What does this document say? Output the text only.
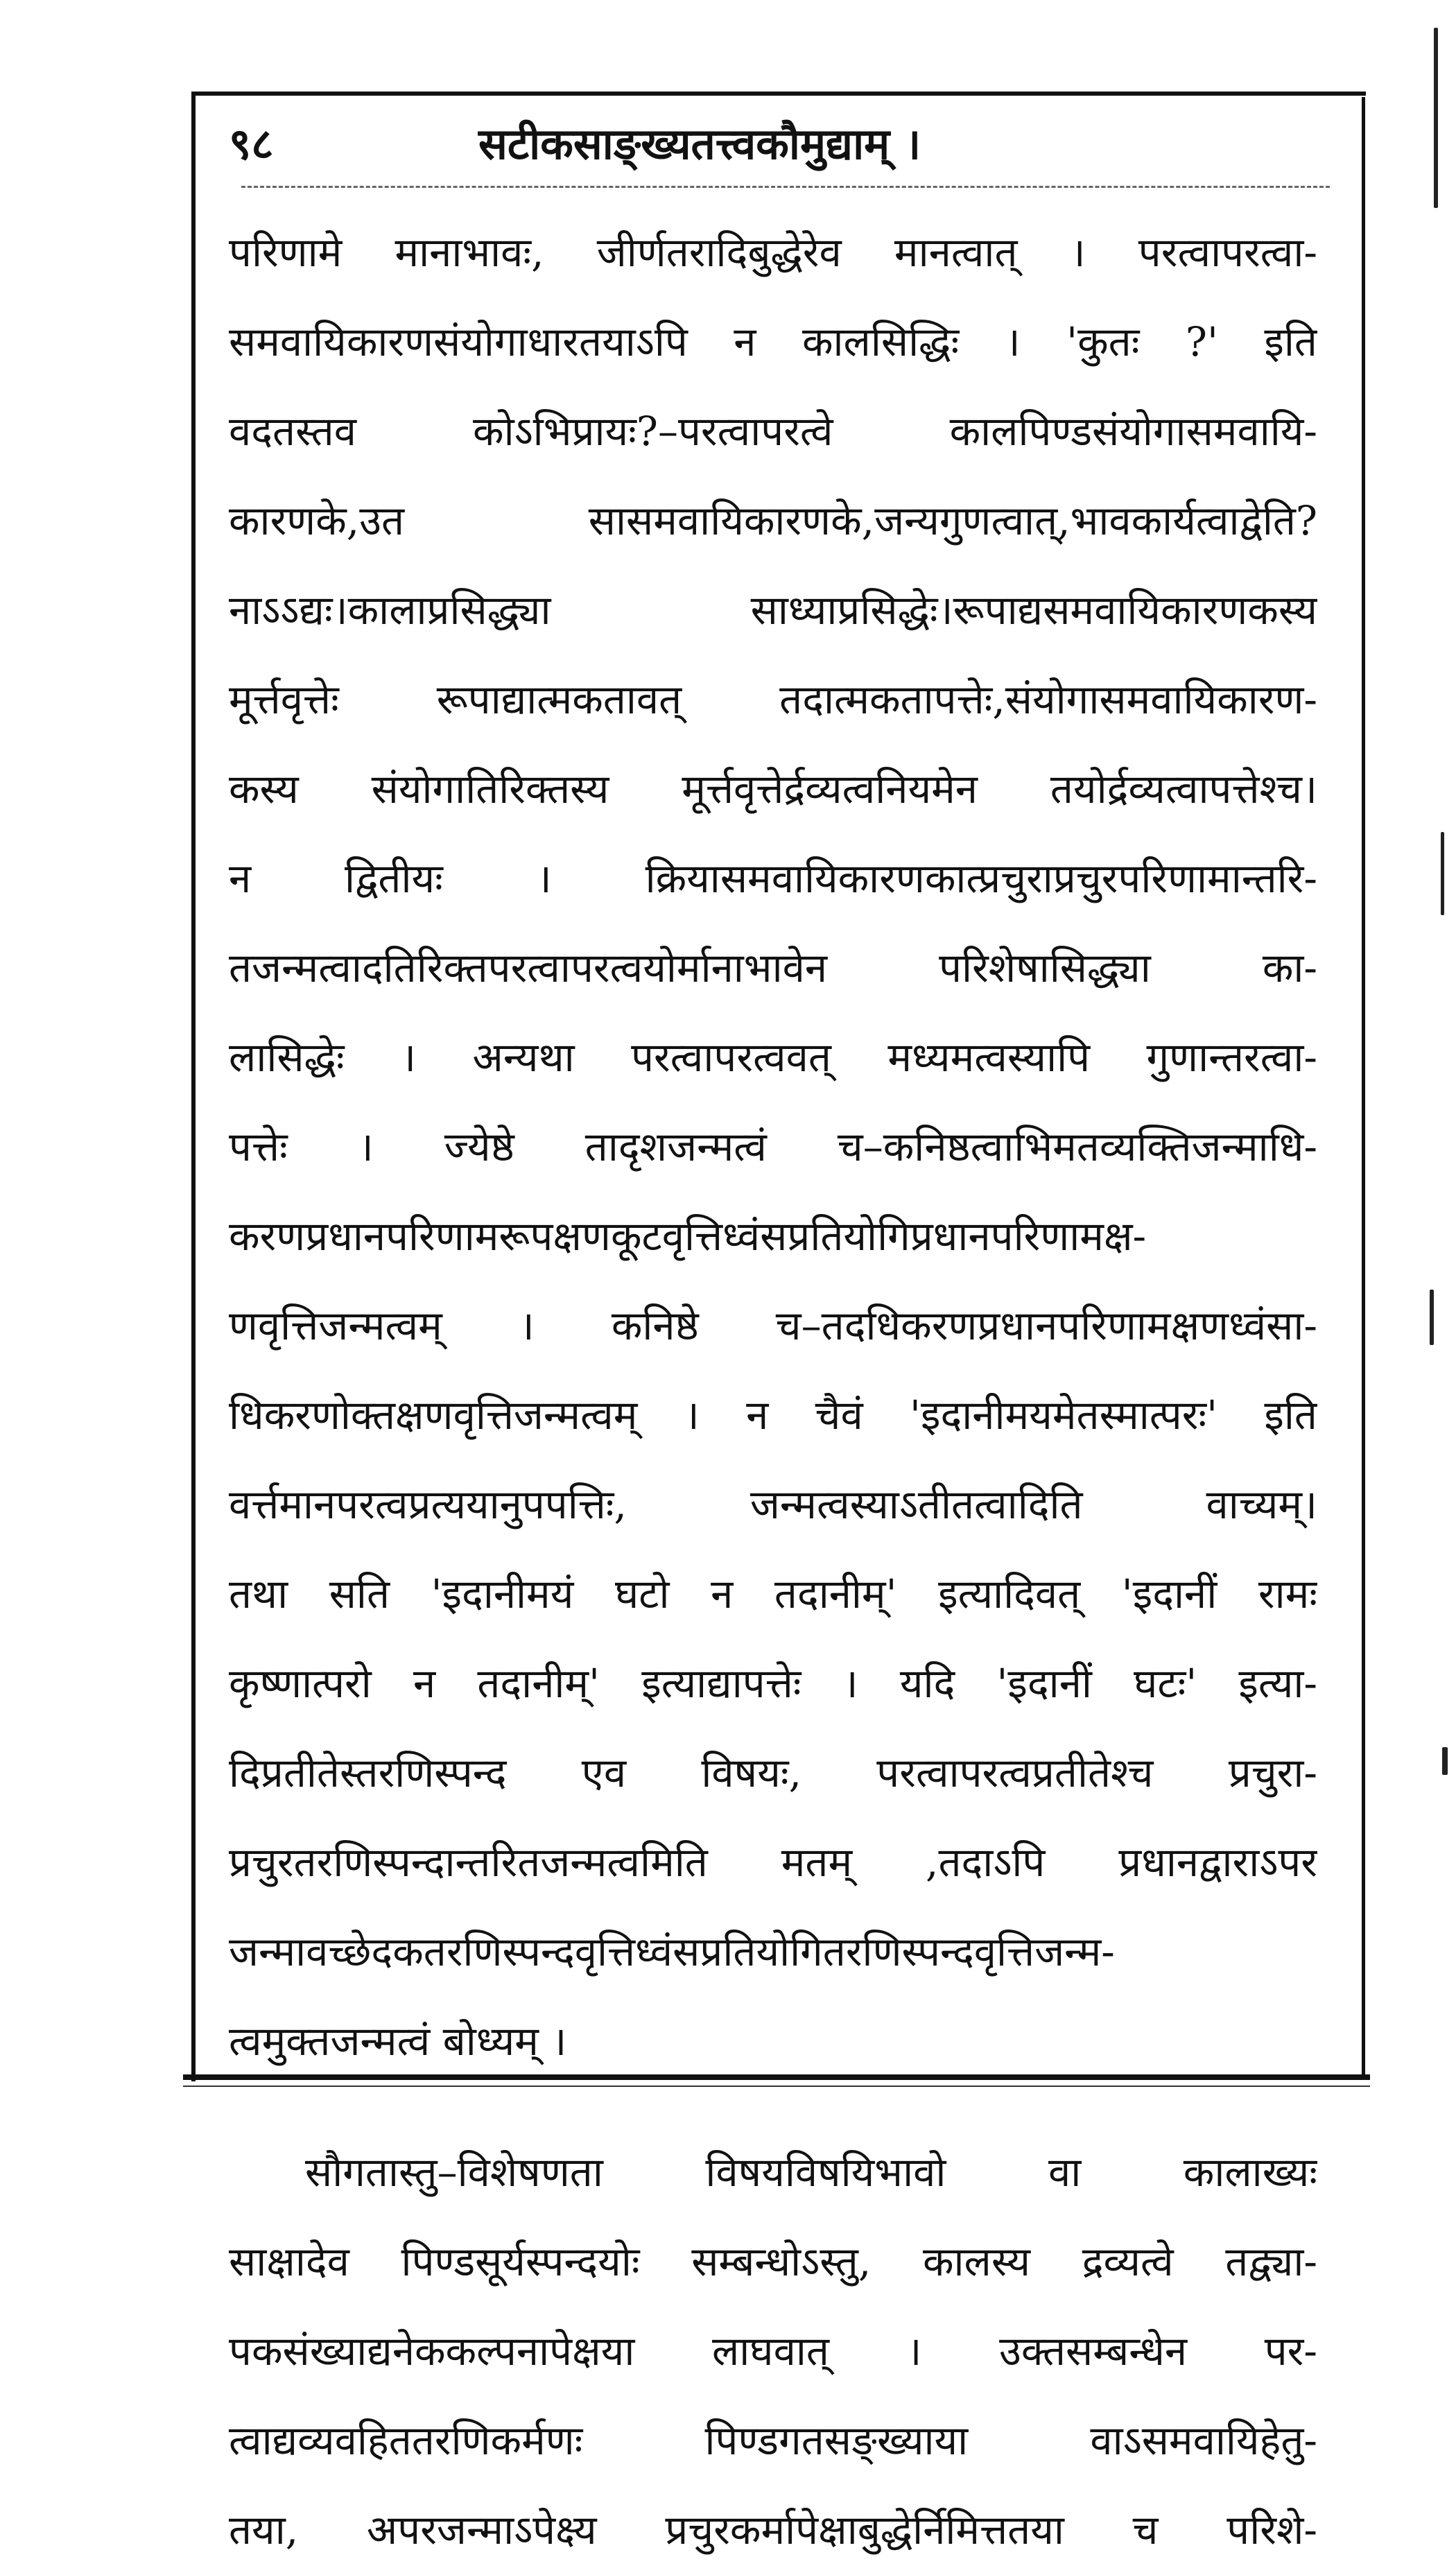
९८	सटीकसाङ्ख्यतत्त्वकौमुद्याम् ।
परिणामे मानाभावः, जीर्णतरादिबुद्धेरेव मानत्वात् । परत्वापरत्वा-
समवायिकारणसंयोगाधारतयाऽपि न कालसिद्धिः । 'कुतः ?' इति
वदतस्तव कोऽभिप्रायः?–परत्वापरत्वे कालपिण्डसंयोगासमवायि-
कारणके,उत सासमवायिकारणके,जन्यगुणत्वात्,भावकार्यत्वाद्वेति?
नाऽऽद्यः।कालाप्रसिद्ध्या साध्याप्रसिद्धेः।रूपाद्यसमवायिकारणकस्य
मूर्त्तवृत्तेः रूपाद्यात्मकतावत् तदात्मकतापत्तेः,संयोगासमवायिकारण-
कस्य संयोगातिरिक्तस्य मूर्त्तवृत्तेर्द्रव्यत्वनियमेन तयोर्द्रव्यत्वापत्तेश्च।
न द्वितीयः । क्रियासमवायिकारणकात्प्रचुराप्रचुरपरिणामान्तरि-
तजन्मत्वादतिरिक्तपरत्वापरत्वयोर्मानाभावेन परिशेषासिद्ध्या का-
लासिद्धेः । अन्यथा परत्वापरत्ववत् मध्यमत्वस्यापि गुणान्तरत्वा-
पत्तेः । ज्येष्ठे तादृशजन्मत्वं च–कनिष्ठत्वाभिमतव्यक्तिजन्माधि-
करणप्रधानपरिणामरूपक्षणकूटवृत्तिध्वंसप्रतियोगिप्रधानपरिणामक्ष-
णवृत्तिजन्मत्वम् । कनिष्ठे च–तदधिकरणप्रधानपरिणामक्षणध्वंसा-
धिकरणोक्तक्षणवृत्तिजन्मत्वम् । न चैवं 'इदानीमयमेतस्मात्परः' इति
वर्त्तमानपरत्वप्रत्ययानुपपत्तिः, जन्मत्वस्याऽतीतत्वादिति वाच्यम्।
तथा सति 'इदानीमयं घटो न तदानीम्' इत्यादिवत् 'इदानीं रामः
कृष्णात्परो न तदानीम्' इत्याद्यापत्तेः । यदि 'इदानीं घटः' इत्या-
दिप्रतीतेस्तरणिस्पन्द एव विषयः, परत्वापरत्वप्रतीतेश्च प्रचुरा-
प्रचुरतरणिस्पन्दान्तरितजन्मत्वमिति मतम् ,तदाऽपि प्रधानद्वाराऽपर
जन्मावच्छेदकतरणिस्पन्दवृत्तिध्वंसप्रतियोगितरणिस्पन्दवृत्तिजन्म-
त्वमुक्तजन्मत्वं बोध्यम् ।
सौगतास्तु–विशेषणता विषयविषयिभावो वा कालाख्यः
साक्षादेव पिण्डसूर्यस्पन्दयोः सम्बन्धोऽस्तु, कालस्य द्रव्यत्वे तद्व्या-
पकसंख्याद्यनेककल्पनापेक्षया लाघवात् । उक्तसम्बन्धेन पर-
त्वाद्यव्यवहिततरणिकर्मणः पिण्डगतसङ्ख्याया वाऽसमवायिहेतु-
तया, अपरजन्माऽपेक्ष्य प्रचुरकर्मापेक्षाबुद्धेर्निमित्ततया च परिशे-
